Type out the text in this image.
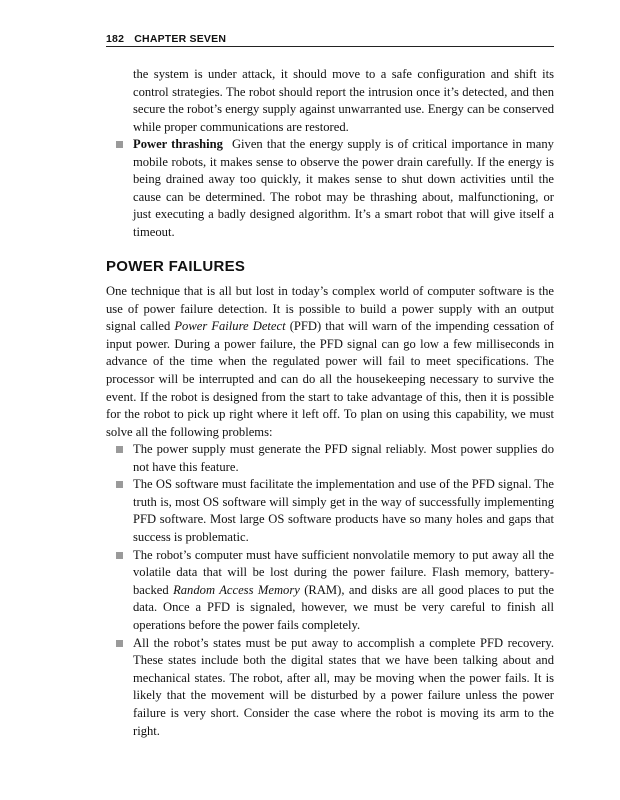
182 CHAPTER SEVEN

the system is under attack, it should move to a safe configuration and shift its control strategies. The robot should report the intrusion once it’s detected, and then secure the robot’s energy supply against unwarranted use. Energy can be conserved while proper communications are restored.

Power thrashing Given that the energy supply is of critical importance in many mobile robots, it makes sense to observe the power drain carefully. If the energy is being drained away too quickly, it makes sense to shut down activities until the cause can be determined. The robot may be thrashing about, malfunctioning, or just executing a badly designed algorithm. It’s a smart robot that will give itself a timeout.
POWER FAILURES

One technique that is all but lost in today’s complex world of computer software is the use of power failure detection. It is possible to build a power supply with an output signal called Power Failure Detect (PFD) that will warn of the impending cessation of input power. During a power failure, the PFD signal can go low a few milliseconds in advance of the time when the regulated power will fail to meet specifications. The processor will be interrupted and can do all the housekeeping necessary to survive the event. If the robot is designed from the start to take advantage of this, then it is possible for the robot to pick up right where it left off. To plan on using this capability, we must solve all the following problems:

The power supply must generate the PFD signal reliably. Most power supplies do not have this feature.
The OS software must facilitate the implementation and use of the PFD signal. The truth is, most OS software will simply get in the way of successfully implementing PFD software. Most large OS software products have so many holes and gaps that success is problematic.
The robot’s computer must have sufficient nonvolatile memory to put away all the volatile data that will be lost during the power failure. Flash memory, battery-backed Random Access Memory (RAM), and disks are all good places to put the data. Once a PFD is signaled, however, we must be very careful to finish all operations before the power fails completely.
All the robot’s states must be put away to accomplish a complete PFD recovery. These states include both the digital states that we have been talking about and mechanical states. The robot, after all, may be moving when the power fails. It is likely that the movement will be disturbed by a power failure unless the power failure is very short. Consider the case where the robot is moving its arm to the right.
